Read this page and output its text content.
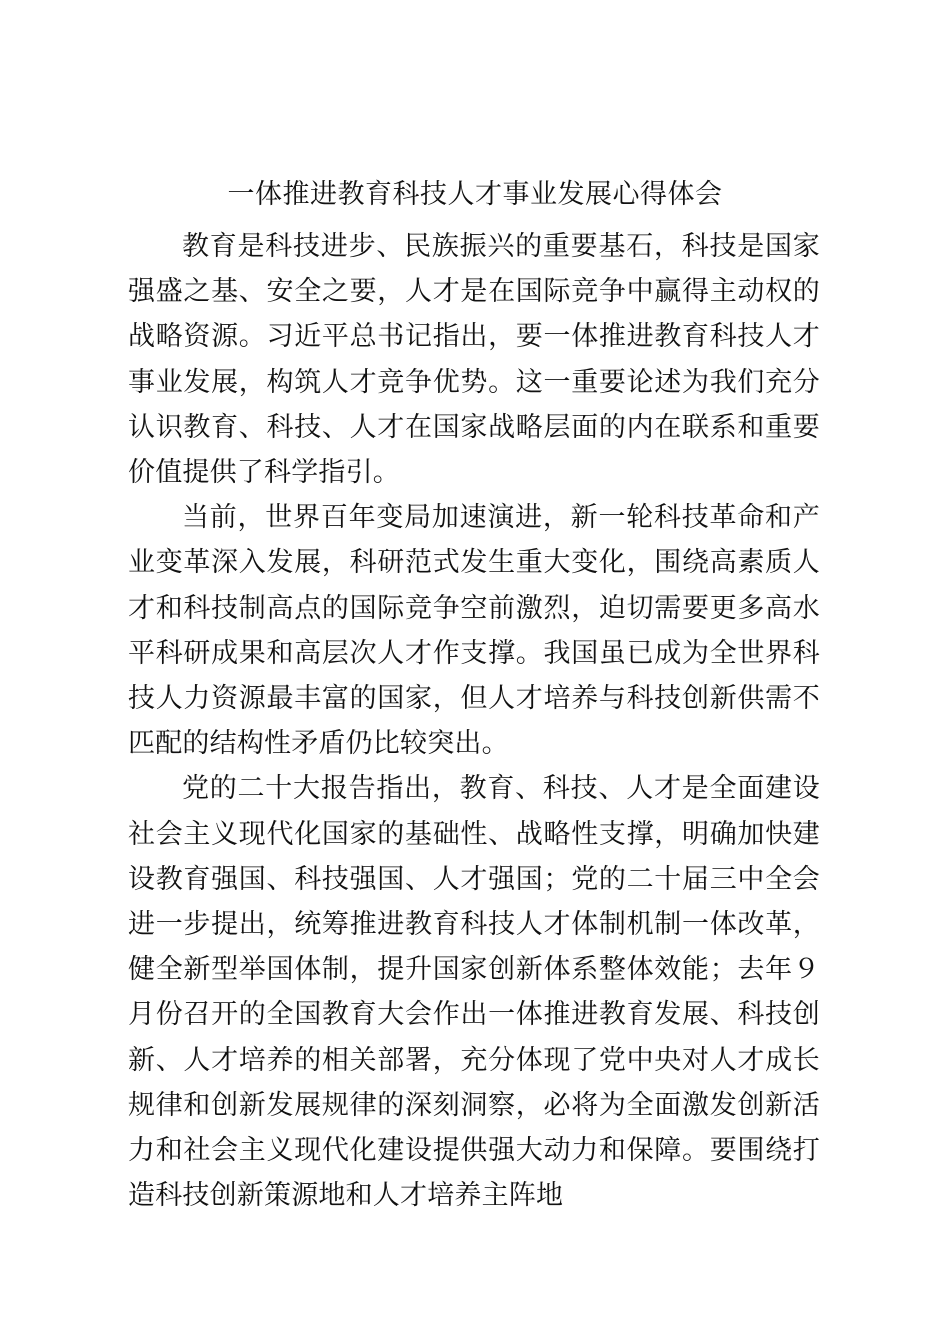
一体推进教育科技人才事业发展心得体会

教育是科技进步、民族振兴的重要基石，科技是国家强盛之基、安全之要，人才是在国际竞争中赢得主动权的战略资源。习近平总书记指出，要一体推进教育科技人才事业发展，构筑人才竞争优势。这一重要论述为我们充分认识教育、科技、人才在国家战略层面的内在联系和重要价值提供了科学指引。

当前，世界百年变局加速演进，新一轮科技革命和产业变革深入发展，科研范式发生重大变化，围绕高素质人才和科技制高点的国际竞争空前激烈，迫切需要更多高水平科研成果和高层次人才作支撑。我国虽已成为全世界科技人力资源最丰富的国家，但人才培养与科技创新供需不匹配的结构性矛盾仍比较突出。

党的二十大报告指出，教育、科技、人才是全面建设社会主义现代化国家的基础性、战略性支撑，明确加快建设教育强国、科技强国、人才强国；党的二十届三中全会进一步提出，统筹推进教育科技人才体制机制一体改革，健全新型举国体制，提升国家创新体系整体效能；去年９月份召开的全国教育大会作出一体推进教育发展、科技创新、人才培养的相关部署，充分体现了党中央对人才成长规律和创新发展规律的深刻洞察，必将为全面激发创新活力和社会主义现代化建设提供强大动力和保障。要围绕打造科技创新策源地和人才培养主阵地
